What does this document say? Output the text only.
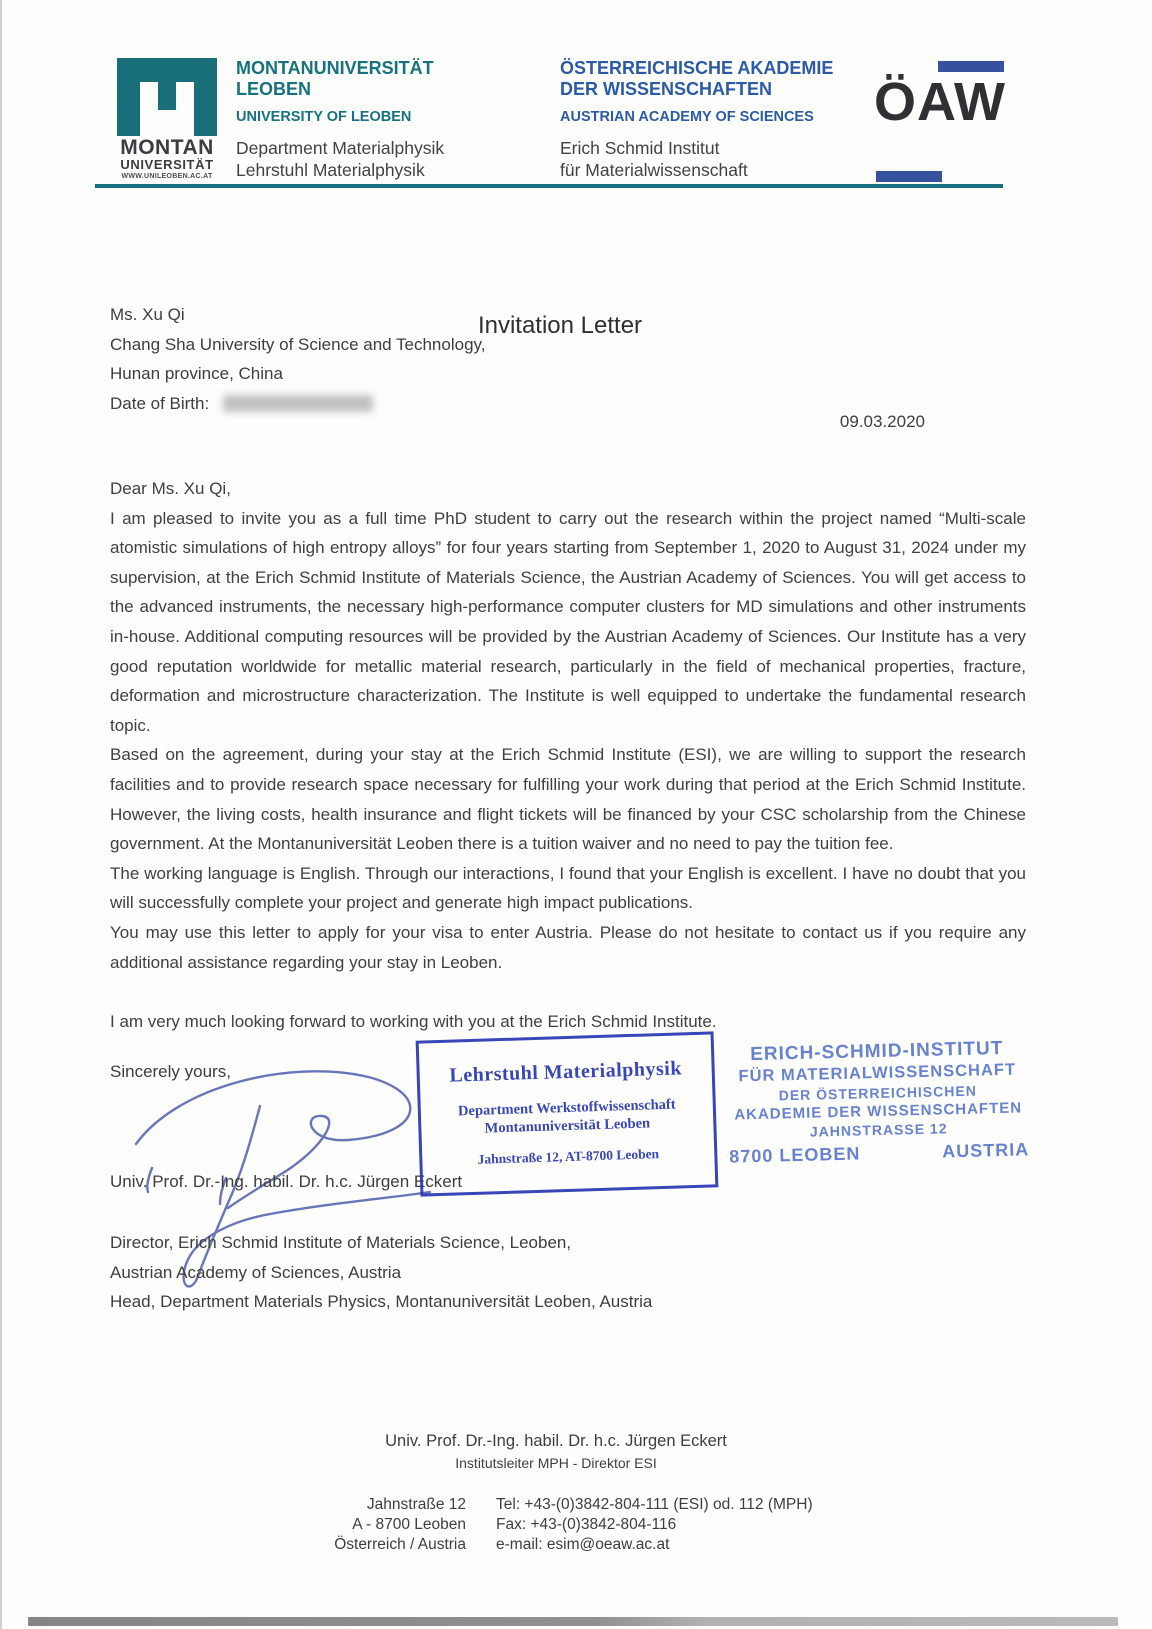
MONTAN
UNIVERSITÄT
WWW.UNILEOBEN.AC.AT
MONTANUNIVERSITÄT
LEOBEN
UNIVERSITY OF LEOBEN
Department Materialphysik
Lehrstuhl Materialphysik
ÖSTERREICHISCHE AKADEMIE
DER WISSENSCHAFTEN
AUSTRIAN ACADEMY OF SCIENCES
Erich Schmid Institut
für Materialwissenschaft
ÖAW
Invitation Letter
Ms. Xu Qi
Chang Sha University of Science and Technology,
Hunan province, China
Date of Birth:
09.03.2020

Dear Ms. Xu Qi,

I am pleased to invite you as a full time PhD student to carry out the research within the project named “Multi-scale atomistic simulations of high entropy alloys” for four years starting from September 1, 2020 to August 31, 2024 under my supervision, at the Erich Schmid Institute of Materials Science, the Austrian Academy of Sciences. You will get access to the advanced instruments, the necessary high-performance computer clusters for MD simulations and other instruments in-house. Additional computing resources will be provided by the Austrian Academy of Sciences. Our Institute has a very good reputation worldwide for metallic material research, particularly in the field of mechanical properties, fracture, deformation and microstructure characterization. The Institute is well equipped to undertake the fundamental research topic.

Based on the agreement, during your stay at the Erich Schmid Institute (ESI), we are willing to support the research facilities and to provide research space necessary for fulfilling your work during that period at the Erich Schmid Institute. However, the living costs, health insurance and flight tickets will be financed by your CSC scholarship from the Chinese government. At the Montanuniversität Leoben there is a tuition waiver and no need to pay the tuition fee.

The working language is English. Through our interactions, I found that your English is excellent. I have no doubt that you will successfully complete your project and generate high impact publications.

You may use this letter to apply for your visa to enter Austria. Please do not hesitate to contact us if you require any additional assistance regarding your stay in Leoben.

I am very much looking forward to working with you at the Erich Schmid Institute.

Sincerely yours,
Univ. Prof. Dr.-Ing. habil. Dr. h.c. Jürgen Eckert
Lehrstuhl Materialphysik
Department Werkstoffwissenschaft
Montanuniversität Leoben
Jahnstraße 12, AT-8700 Leoben
ERICH-SCHMID-INSTITUT
FÜR MATERIALWISSENSCHAFT
DER ÖSTERREICHISCHEN
AKADEMIE DER WISSENSCHAFTEN
JAHNSTRASSE 12
8700 LEOBEN	AUSTRIA
Director, Erich Schmid Institute of Materials Science, Leoben,
Austrian Academy of Sciences, Austria
Head, Department Materials Physics, Montanuniversität Leoben, Austria
Univ. Prof. Dr.-Ing. habil. Dr. h.c. Jürgen Eckert
Institutsleiter MPH - Direktor ESI
Jahnstraße 12
A - 8700 Leoben
Österreich / Austria
Tel: +43-(0)3842-804-111 (ESI) od. 112 (MPH)
Fax: +43-(0)3842-804-116
e-mail: esim@oeaw.ac.at
